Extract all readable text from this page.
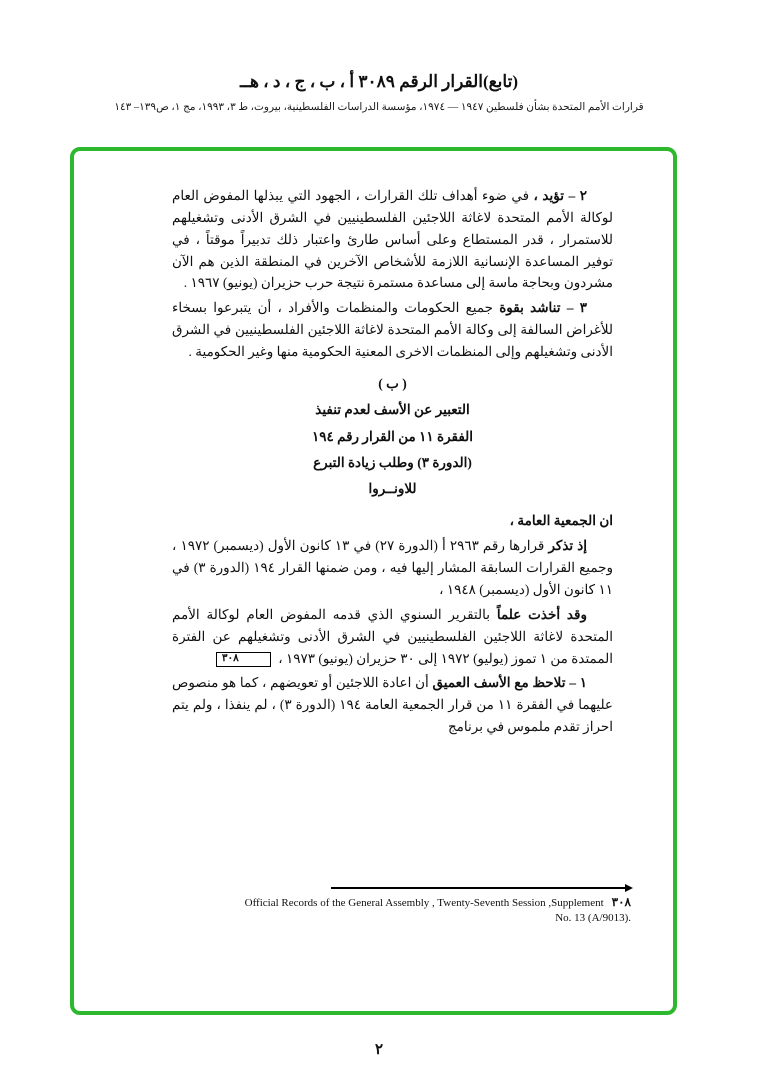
(تابع)القرار الرقم ٣٠٨٩ أ ، ب ، ج ، د ، هــ
قرارات الأمم المتحدة بشأن فلسطين ١٩٤٧ — ١٩٧٤، مؤسسة الدراسات الفلسطينية، بيروت، ط ٣، ١٩٩٣، مج ١، ص١٣٩– ١٤٣

٢ – تؤيد ، في ضوء أهداف تلك القرارات ، الجهود التي يبذلها المفوض العام لوكالة الأمم المتحدة لاغاثة اللاجئين الفلسطينيين في الشرق الأدنى وتشغيلهم للاستمرار ، قدر المستطاع وعلى أساس طارئ واعتبار ذلك تدبيراً موقتاً ، في توفير المساعدة الإنسانية اللازمة للأشخاص الآخرين في المنطقة الذين هم الآن مشردون وبحاجة ماسة إلى مساعدة مستمرة نتيجة حرب حزيران (يونيو) ١٩٦٧ .

٣ – تناشد بقوة جميع الحكومات والمنظمات والأفراد ، أن يتبرعوا بسخاء للأغراض السالفة إلى وكالة الأمم المتحدة لاغاثة اللاجئين الفلسطينيين في الشرق الأدنى وتشغيلهم وإلى المنظمات الاخرى المعنية الحكومية منها وغير الحكومية .

( ب )
التعبير عن الأسف لعدم تنفيذ
الفقرة ١١ من القرار رقم ١٩٤
(الدورة ٣) وطلب زيادة التبرع
للاونــروا

ان الجمعية العامة ،

إذ تذكر قرارها رقم ٢٩٦٣ أ (الدورة ٢٧) في ١٣ كانون الأول (ديسمبر) ١٩٧٢ ، وجميع القرارات السابقة المشار إليها فيه ، ومن ضمنها القرار ١٩٤ (الدورة ٣) في ١١ كانون الأول (ديسمبر) ١٩٤٨ ،

وقد أخذت علماً بالتقرير السنوي الذي قدمه المفوض العام لوكالة الأمم المتحدة لاغاثة اللاجئين الفلسطينيين في الشرق الأدنى وتشغيلهم عن الفترة الممتدة من ١ تموز (يوليو) ١٩٧٢ إلى ٣٠ حزيران (يونيو) ١٩٧٣ ، ٣٠٨

١ – تلاحظ مع الأسف العميق أن اعادة اللاجئين أو تعويضهم ، كما هو منصوص عليهما في الفقرة ١١ من قرار الجمعية العامة ١٩٤ (الدورة ٣) ، لم ينفذا ، ولم يتم احراز تقدم ملموس في برنامج

Official Records of the General Assembly , Twenty-Seventh Session ,Supplement ٣٠٨
No. 13 (A/9013).
٢
